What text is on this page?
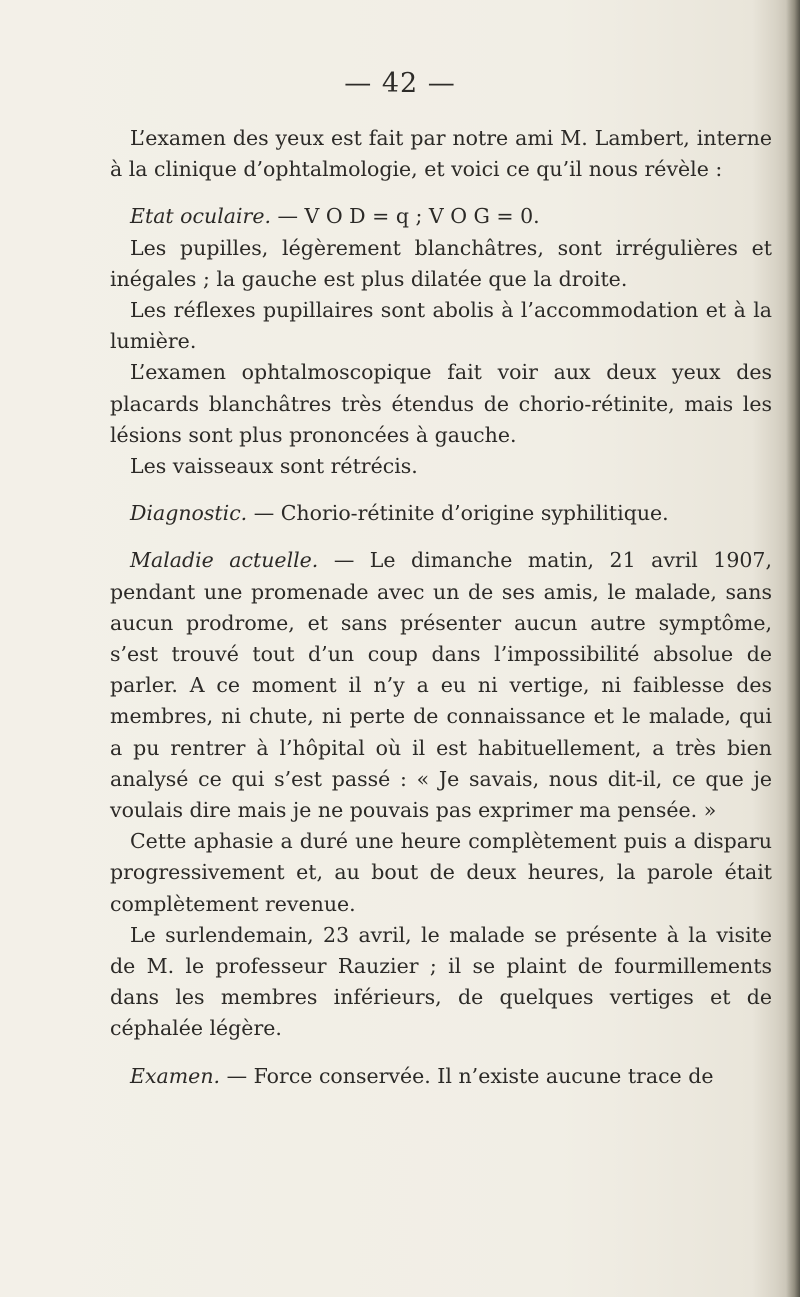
— 42 —

L’examen des yeux est fait par notre ami M. Lambert, interne à la clinique d’ophtalmologie, et voici ce qu’il nous révèle :

Etat oculaire. — V O D = q ; V O G = 0.

Les pupilles, légèrement blanchâtres, sont irrégulières et inégales ; la gauche est plus dilatée que la droite.

Les réflexes pupillaires sont abolis à l’accommodation et à la lumière.

L’examen ophtalmoscopique fait voir aux deux yeux des placards blanchâtres très étendus de chorio-rétinite, mais les lésions sont plus prononcées à gauche.

Les vaisseaux sont rétrécis.

Diagnostic. — Chorio-rétinite d’origine syphilitique.

Maladie actuelle. — Le dimanche matin, 21 avril 1907, pendant une promenade avec un de ses amis, le malade, sans aucun prodrome, et sans présenter aucun autre symptôme, s’est trouvé tout d’un coup dans l’impossibilité absolue de parler. A ce moment il n’y a eu ni vertige, ni faiblesse des membres, ni chute, ni perte de connaissance et le malade, qui a pu rentrer à l’hôpital où il est habituellement, a très bien analysé ce qui s’est passé : « Je savais, nous dit-il, ce que je voulais dire mais je ne pouvais pas exprimer ma pensée. »

Cette aphasie a duré une heure complètement puis a disparu progressivement et, au bout de deux heures, la parole était complètement revenue.

Le surlendemain, 23 avril, le malade se présente à la visite de M. le professeur Rauzier ; il se plaint de fourmillements dans les membres inférieurs, de quelques vertiges et de céphalée légère.

Examen. — Force conservée. Il n’existe aucune trace de
